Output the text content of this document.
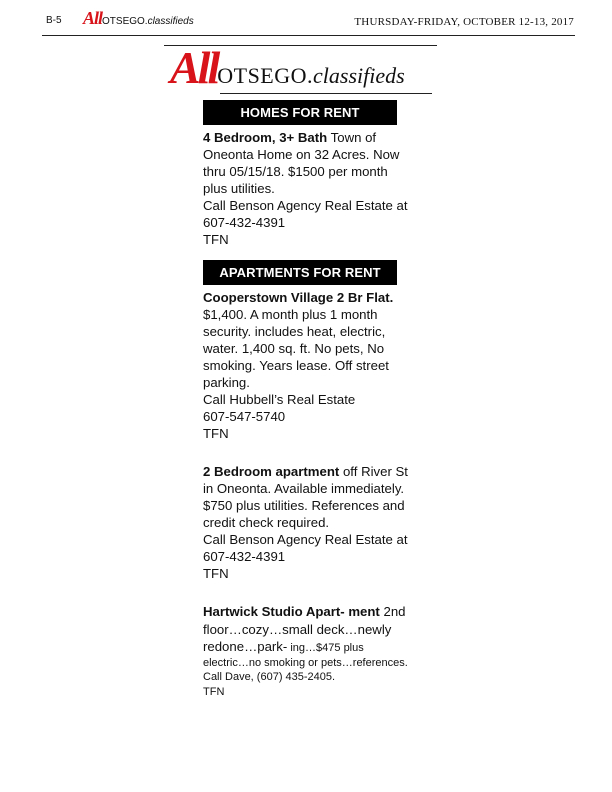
B-5 AllOTSEGO.classifieds	THURSDAY-FRIDAY, OCTOBER 12-13, 2017
AllOTSEGO.classifieds
HOMES FOR RENT
4 Bedroom, 3+ Bath Town of Oneonta Home on 32 Acres. Now thru 05/15/18. $1500 per month plus utilities.
Call Benson Agency Real Estate at 607-432-4391
TFN
APARTMENTS FOR RENT
Cooperstown Village 2 Br Flat. $1,400. A month plus 1 month security. includes heat, electric, water. 1,400 sq. ft. No pets, No smoking. Years lease. Off street parking.
Call Hubbell’s Real Estate
607-547-5740
TFN
2 Bedroom apartment off River St in Oneonta. Available immediately. $750 plus utilities. References and credit check required.
Call Benson Agency Real Estate at 607-432-4391
TFN
Hartwick Studio Apart- ment 2nd floor…cozy…small deck…newly redone…park- ing…$475 plus electric…no smoking or pets…references. Call Dave, (607) 435-2405.
TFN
